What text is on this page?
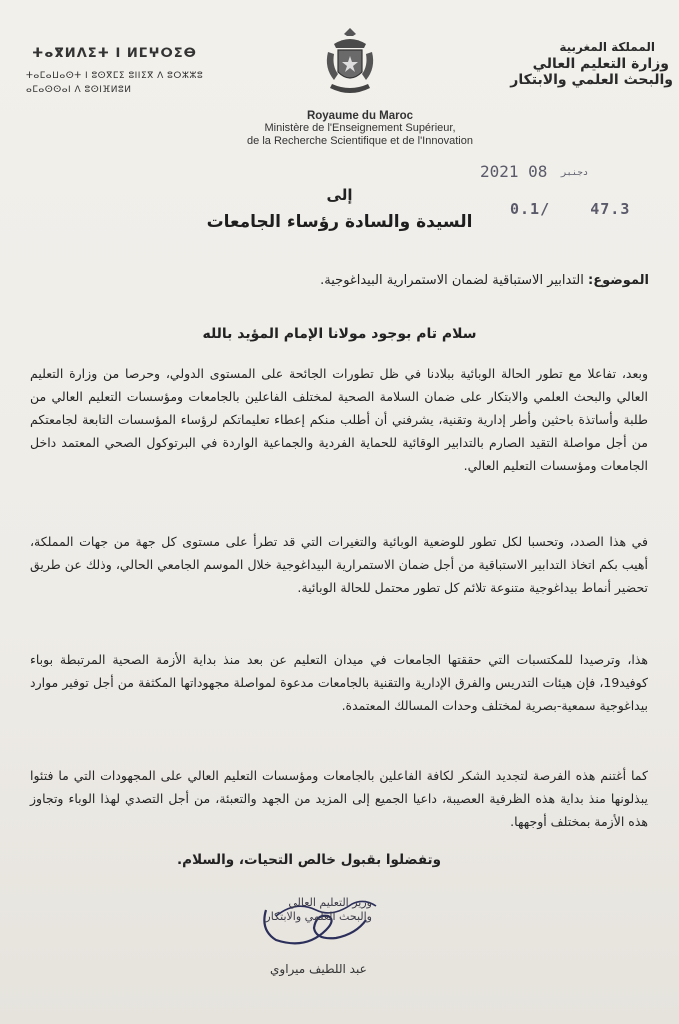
ⵜⴰⴳⵍⴷⵉⵜ ⵏ ⵍⵎⵖⵔⵉⴱ
ⵜⴰⵎⴰⵡⴰⵙⵜ ⵏ ⵓⵙⴳⵎⵉ ⵓⵏⵏⵉⴳ ⴷ ⵓⵔⵣⵣⵓ
ⴰⵎⴰⵙⵙⴰⵏ ⴷ ⵓⵙⵏⴼⵍⵓⵍ
المملكة المغربية
وزارة التعليم العالي
والبحث العلمي والابتكار
Royaume du Maroc
Ministère de l'Enseignement Supérieur,
de la Recherche Scientifique et de l'Innovation
2021	دجنبر 08
0.1/	47.3
إلى
السيدة والسادة رؤساء الجامعات
الموضوع: التدابير الاستباقية لضمان الاستمرارية البيداغوجية.
سلام تام بوجود مولانا الإمام المؤيد بالله
وبعد، تفاعلا مع تطور الحالة الوبائية ببلادنا في ظل تطورات الجائحة على المستوى الدولي، وحرصا من وزارة التعليم العالي والبحث العلمي والابتكار على ضمان السلامة الصحية لمختلف الفاعلين بالجامعات ومؤسسات التعليم العالي من طلبة وأساتذة باحثين وأطر إدارية وتقنية، يشرفني أن أطلب منكم إعطاء تعليماتكم لرؤساء المؤسسات التابعة لجامعتكم من أجل مواصلة التقيد الصارم بالتدابير الوقائية للحماية الفردية والجماعية الواردة في البرتوكول الصحي المعتمد داخل الجامعات ومؤسسات التعليم العالي.
في هذا الصدد، وتحسبا لكل تطور للوضعية الوبائية والتغيرات التي قد تطرأ على مستوى كل جهة من جهات المملكة، أهيب بكم اتخاذ التدابير الاستباقية من أجل ضمان الاستمرارية البيداغوجية خلال الموسم الجامعي الحالي، وذلك عن طريق تحضير أنماط بيداغوجية متنوعة تلائم كل تطور محتمل للحالة الوبائية.
هذا، وترصيدا للمكتسبات التي حققتها الجامعات في ميدان التعليم عن بعد منذ بداية الأزمة الصحية المرتبطة بوباء كوفيد19، فإن هيئات التدريس والفرق الإدارية والتقنية بالجامعات مدعوة لمواصلة مجهوداتها المكثفة من أجل توفير موارد بيداغوجية سمعية-بصرية لمختلف وحدات المسالك المعتمدة.
كما أغتنم هذه الفرصة لتجديد الشكر لكافة الفاعلين بالجامعات ومؤسسات التعليم العالي على المجهودات التي ما فتئوا يبذلونها منذ بداية هذه الظرفية العصيبة، داعيا الجميع إلى المزيد من الجهد والتعبئة، من أجل التصدي لهذا الوباء وتجاوز هذه الأزمة بمختلف أوجهها.
وتفضلوا بقبول خالص التحيات، والسلام.
وزير التعليم العالي
والبحث العلمي والابتكار
عبد اللطيف ميراوي
